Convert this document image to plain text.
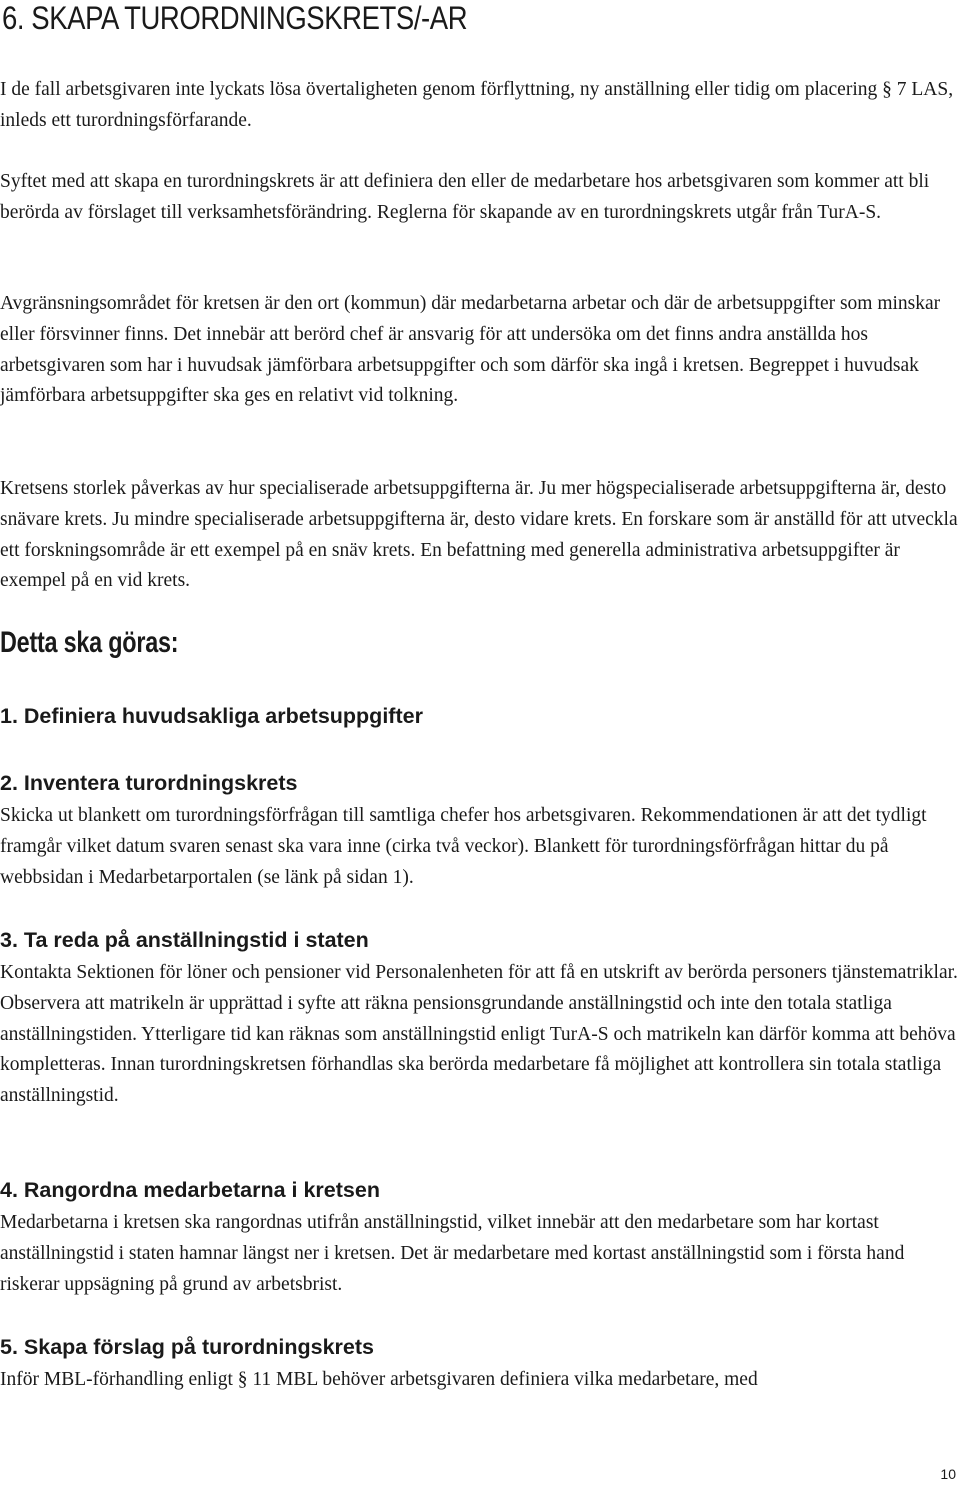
6. SKAPA TURORDNINGSKRETS/-AR

I de fall arbetsgivaren inte lyckats lösa övertaligheten genom förflyttning, ny anställning eller tidig om placering § 7 LAS, inleds ett turordningsförfarande.

Syftet med att skapa en turordningskrets är att definiera den eller de medarbetare hos arbetsgivaren som kommer att bli berörda av förslaget till verksamhetsförändring. Reglerna för skapande av en turordningskrets utgår från TurA-S.

Avgränsningsområdet för kretsen är den ort (kommun) där medarbetarna arbetar och där de arbetsuppgifter som minskar eller försvinner finns. Det innebär att berörd chef är ansvarig för att undersöka om det finns andra anställda hos arbetsgivaren som har i huvudsak jämförbara arbetsuppgifter och som därför ska ingå i kretsen. Begreppet i huvudsak jämförbara arbetsuppgifter ska ges en relativt vid tolkning.

Kretsens storlek påverkas av hur specialiserade arbetsuppgifterna är. Ju mer högspecialiserade arbetsuppgifterna är, desto snävare krets. Ju mindre specialiserade arbetsuppgifterna är, desto vidare krets. En forskare som är anställd för att utveckla ett forskningsområde är ett exempel på en snäv krets. En befattning med generella administrativa arbetsuppgifter är exempel på en vid krets.

Detta ska göras:
1. Definiera huvudsakliga arbetsuppgifter
2. Inventera turordningskrets

Skicka ut blankett om turordningsförfrågan till samtliga chefer hos arbetsgivaren. Rekommendationen är att det tydligt framgår vilket datum svaren senast ska vara inne (cirka två veckor). Blankett för turordningsförfrågan hittar du på webbsidan i Medarbetarportalen (se länk på sidan 1).

3. Ta reda på anställningstid i staten

Kontakta Sektionen för löner och pensioner vid Personalenheten för att få en utskrift av berörda personers tjänstematriklar. Observera att matrikeln är upprättad i syfte att räkna pensionsgrundande anställningstid och inte den totala statliga anställningstiden. Ytterligare tid kan räknas som anställningstid enligt TurA-S och matrikeln kan därför komma att behöva kompletteras. Innan turordningskretsen förhandlas ska berörda medarbetare få möjlighet att kontrollera sin totala statliga anställningstid.

4. Rangordna medarbetarna i kretsen

Medarbetarna i kretsen ska rangordnas utifrån anställningstid, vilket innebär att den medarbetare som har kortast anställningstid i staten hamnar längst ner i kretsen. Det är medarbetare med kortast anställningstid som i första hand riskerar uppsägning på grund av arbetsbrist.

5. Skapa förslag på turordningskrets

Inför MBL-förhandling enligt § 11 MBL behöver arbetsgivaren definiera vilka medarbetare, med

10
